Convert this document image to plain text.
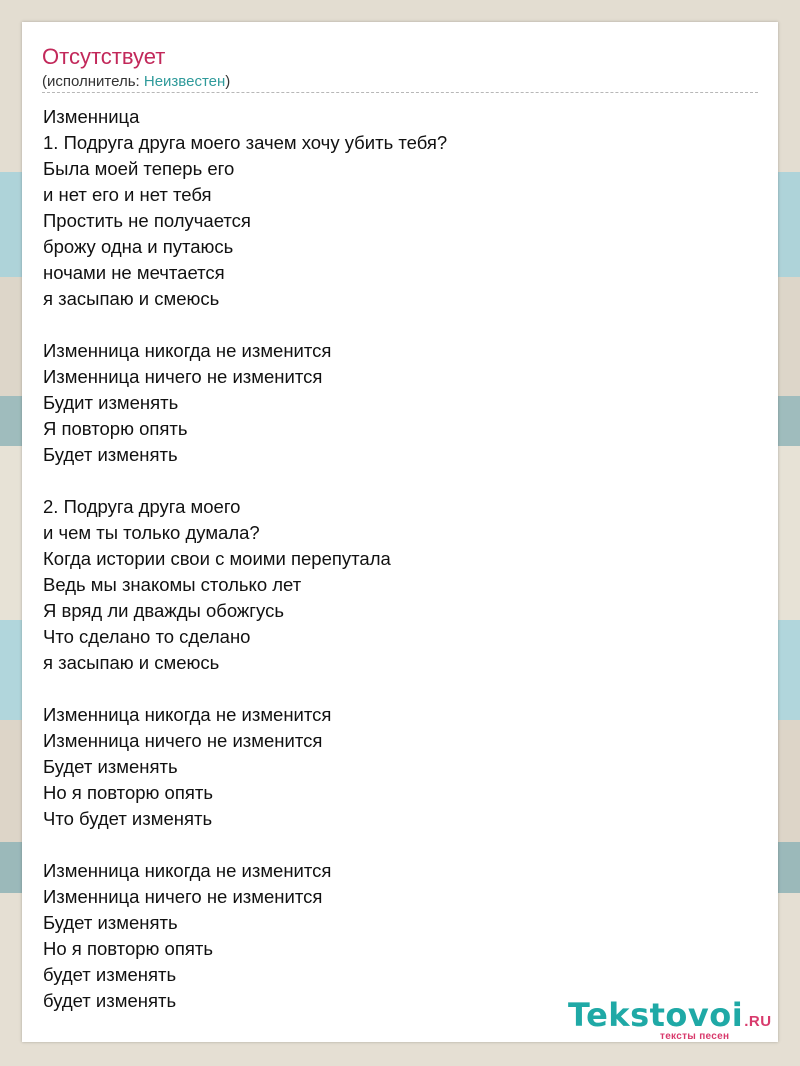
Отсутствует
(исполнитель: Неизвестен)
Изменница
1. Подруга друга моего зачем хочу убить тебя?
Была моей теперь его
и нет его и нет тебя
Простить не получается
брожу одна и путаюсь
ночами не мечтается
я засыпаю и смеюсь
Изменница никогда не изменится
Изменница ничего не изменится
Будит изменять
Я повторю опять
Будет изменять
2. Подруга друга моего
и чем ты только думала?
Когда истории свои с моими перепутала
Ведь мы знакомы столько лет
Я вряд ли дважды обожгусь
Что сделано то сделано
я засыпаю и смеюсь
Изменница никогда не изменится
Изменница ничего не изменится
Будет изменять
Но я повторю опять
Что будет изменять
Изменница никогда не изменится
Изменница ничего не изменится
Будет изменять
Но я повторю опять
будет изменять
будет изменять	Tekstovoi.RU
тексты песен
